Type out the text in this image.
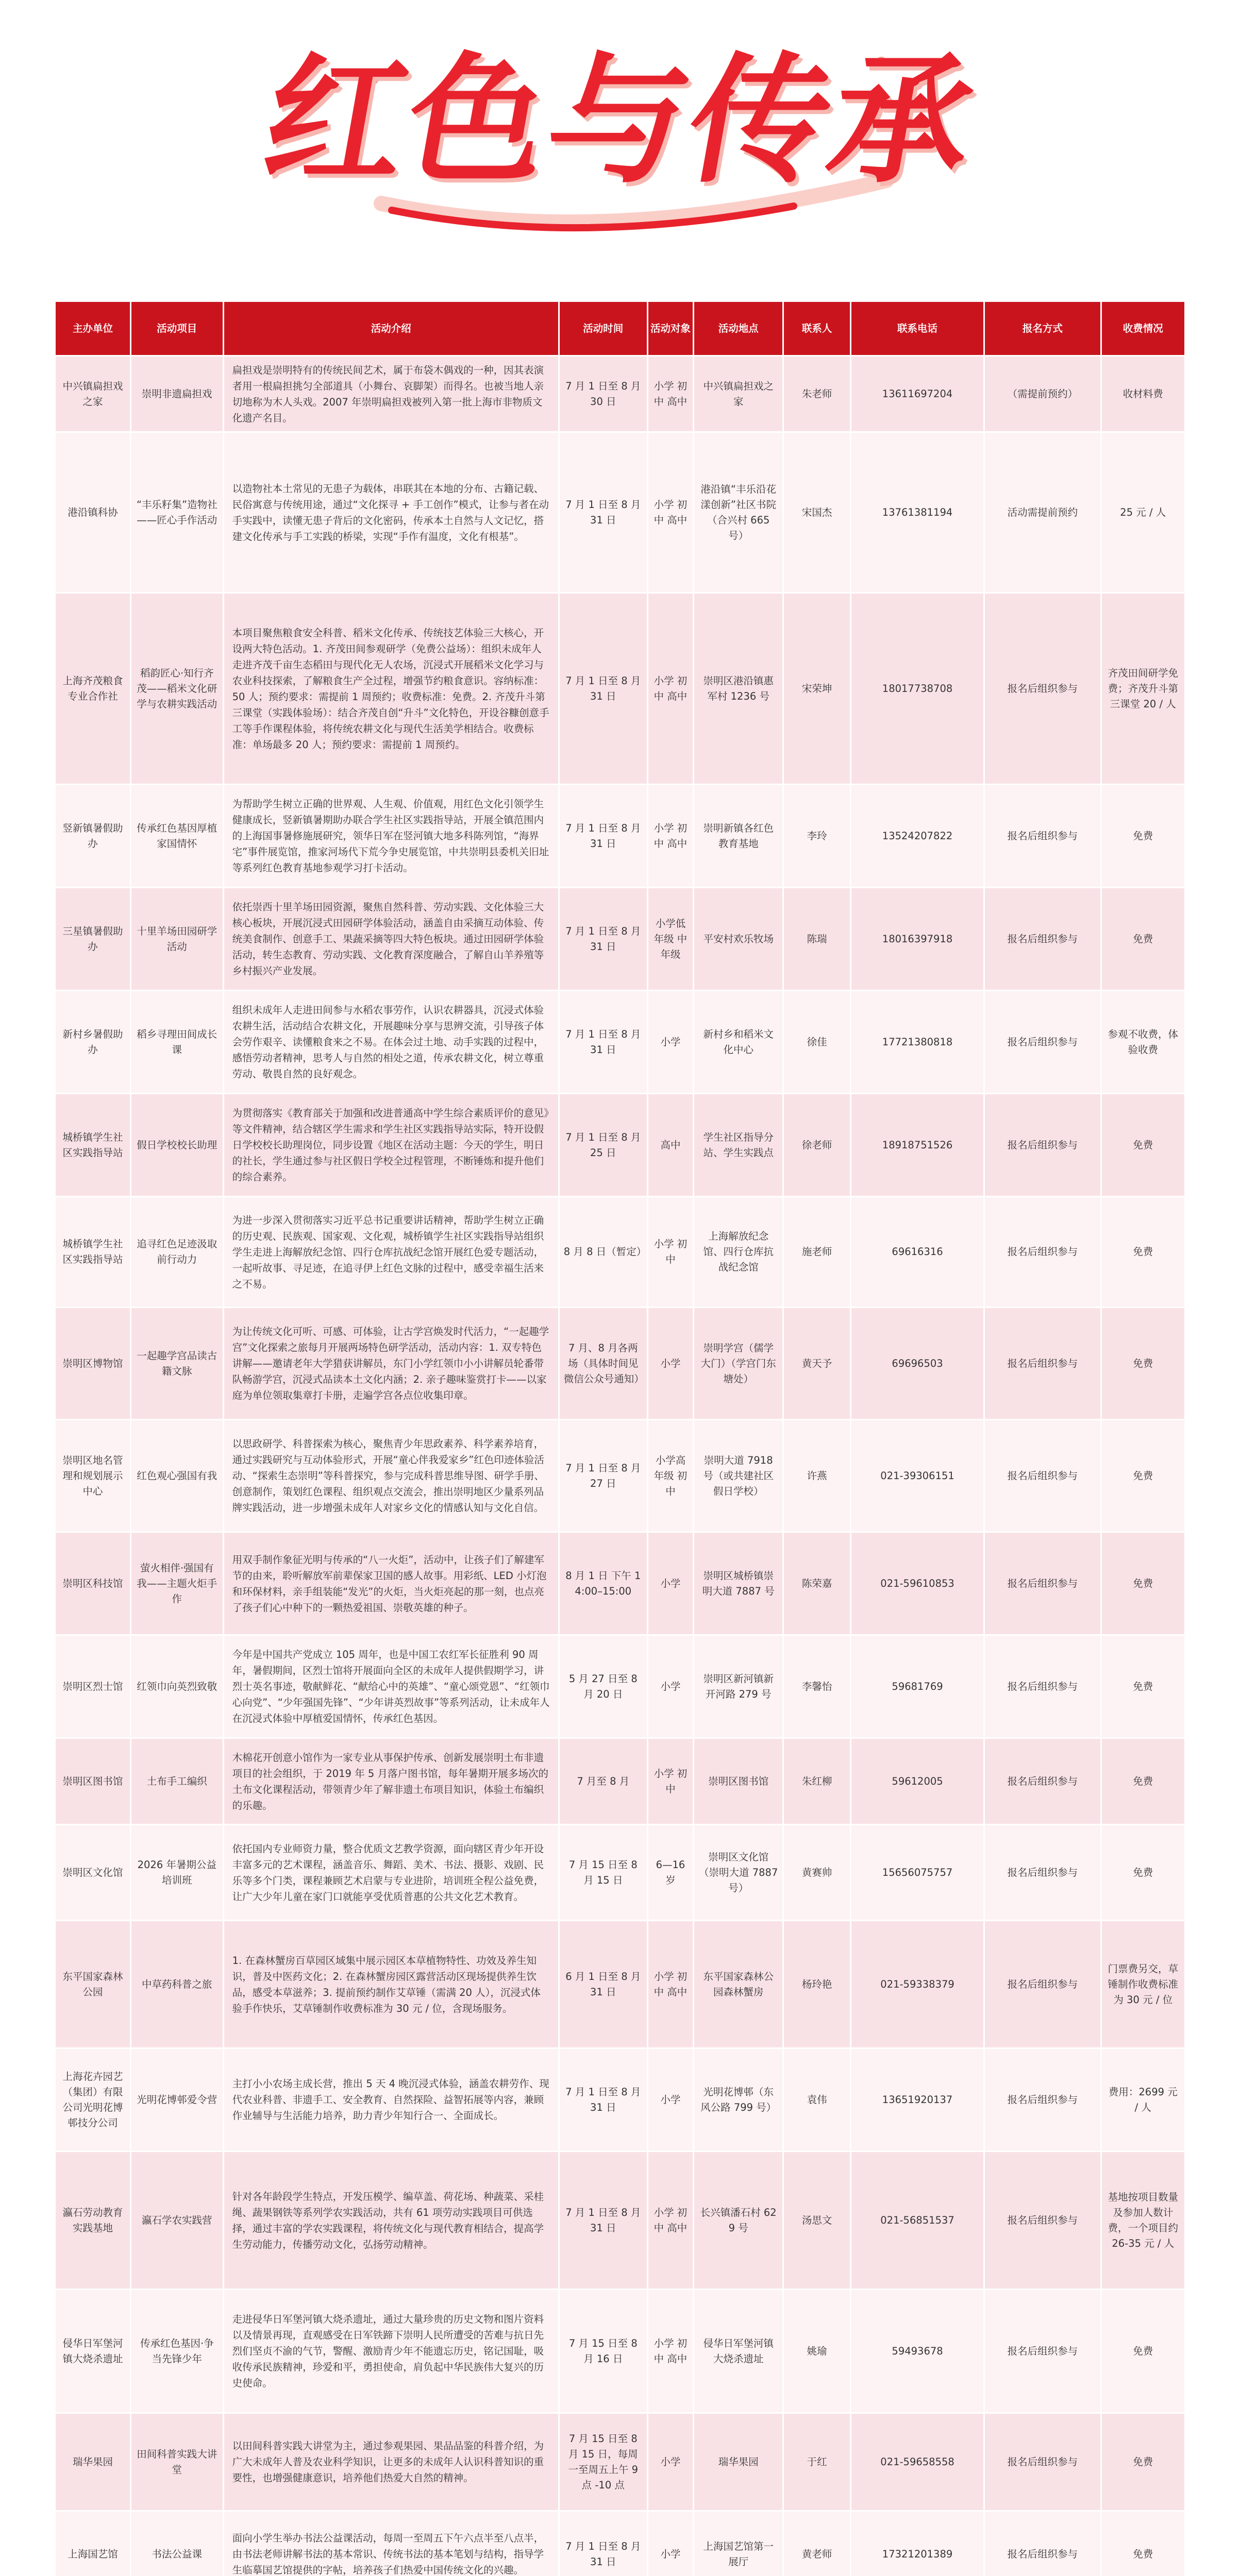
红色与传承
主办单位	活动项目	活动介绍	活动时间	活动对象	活动地点	联系人	联系电话	报名方式	收费情况
中兴镇扁担戏之家	崇明非遗扁担戏	扁担戏是崇明特有的传统民间艺术，属于布袋木偶戏的一种，因其表演者用一根扁担挑匀全部道具（小舞台、哀脚架）而得名。也被当地人亲切地称为木人头戏。2007 年崇明扁担戏被列入第一批上海市非物质文化遗产名目。	7 月 1 日至 8 月 30 日	小学 初中 高中	中兴镇扁担戏之家	朱老师	13611697204	（需提前预约）	收材料费
港沿镇科协	“丰乐籽集”造物社——匠心手作活动	以造物社本土常见的无患子为载体，串联其在本地的分布、古籍记载、民俗寓意与传统用途，通过“文化探寻 + 手工创作”模式，让参与者在动手实践中，读懂无患子背后的文化密码，传承本土自然与人文记忆，搭建文化传承与手工实践的桥梁，实现“手作有温度，文化有根基”。	7 月 1 日至 8 月 31 日	小学 初中 高中	港沿镇“丰乐沿花漾创新”社区书院（合兴村 665 号）	宋国杰	13761381194	活动需提前预约	25 元 / 人
上海齐茂粮食专业合作社	稻韵匠心·知行齐茂——稻米文化研学与农耕实践活动	本项目聚焦粮食安全科普、稻米文化传承、传统技艺体验三大核心，开设两大特色活动。1. 齐茂田间参观研学（免费公益场）：组织未成年人走进齐茂千亩生态稻田与现代化无人农场，沉浸式开展稻米文化学习与农业科技探索，了解粮食生产全过程，增强节约粮食意识。容纳标准：50 人；预约要求：需提前 1 周预约；收费标准：免费。2. 齐茂升斗第三课堂（实践体验场）：结合齐茂自创“升斗”文化特色，开设谷糠创意手工等手作课程体验，将传统农耕文化与现代生活美学相结合。收费标准：单场最多 20 人；预约要求：需提前 1 周预约。	7 月 1 日至 8 月 31 日	小学 初中 高中	崇明区港沿镇惠军村 1236 号	宋荣坤	18017738708	报名后组织参与	齐茂田间研学免费；齐茂升斗第三课堂 20 / 人
竖新镇暑假助办	传承红色基因厚植家国情怀	为帮助学生树立正确的世界观、人生观、价值观，用红色文化引领学生健康成长，竖新镇暑期助办联合学生社区实践指导站，开展全镇范围内的上海国事暑修施展研究，领华日军在竖河镇大地多科陈列馆，“海界宅”事件展览馆，推家河场代下荒今争史展览馆，中共崇明县委机关旧址等系列红色教育基地参观学习打卡活动。	7 月 1 日至 8 月 31 日	小学 初中 高中	崇明新镇各红色教育基地	李玲	13524207822	报名后组织参与	免费
三星镇暑假助办	十里羊场田园研学活动	依托崇西十里羊场田园资源，聚焦自然科普、劳动实践、文化体验三大核心板块，开展沉浸式田园研学体验活动，涵盖自由采摘互动体验、传统美食制作、创意手工、果蔬采摘等四大特色板块。通过田园研学体验活动，转生态教育、劳动实践、文化教育深度融合，了解自山羊养殖等乡村振兴产业发展。	7 月 1 日至 8 月 31 日	小学低年级 中年级	平安村欢乐牧场	陈瑞	18016397918	报名后组织参与	免费
新村乡暑假助办	稻乡寻理田间成长课	组织未成年人走进田间参与水稻农事劳作，认识农耕器具，沉浸式体验农耕生活，活动结合农耕文化，开展趣味分享与思辨交流，引导孩子体会劳作艰辛、读懂粮食来之不易。在体会过土地、动手实践的过程中，感悟劳动者精神，思考人与自然的相处之道，传承农耕文化，树立尊重劳动、敬畏自然的良好观念。	7 月 1 日至 8 月 31 日	小学	新村乡和稻米文化中心	徐佳	17721380818	报名后组织参与	参观不收费，体验收费
城桥镇学生社区实践指导站	假日学校校长助理	为贯彻落实《教育部关于加强和改进普通高中学生综合素质评价的意见》等文件精神，结合辖区学生需求和学生社区实践指导站实际，特开设假日学校校长助理岗位，同步设置《地区在活动主题：今天的学生，明日的社长，学生通过参与社区假日学校全过程管理，不断锤炼和提升他们的综合素养。	7 月 1 日至 8 月 25 日	高中	学生社区指导分站、学生实践点	徐老师	18918751526	报名后组织参与	免费
城桥镇学生社区实践指导站	追寻红色足迹汲取前行动力	为进一步深入贯彻落实习近平总书记重要讲话精神，帮助学生树立正确的历史观、民族观、国家观、文化观，城桥镇学生社区实践指导站组织学生走进上海解放纪念馆、四行仓库抗战纪念馆开展红色爱专题活动，一起听故事、寻足迹，在追寻伊上红色文脉的过程中，感受幸福生活来之不易。	8 月 8 日（暂定）	小学 初中	上海解放纪念馆、四行仓库抗战纪念馆	施老师	69616316	报名后组织参与	免费
崇明区博物馆	一起趣学宫品读古籍文脉	为让传统文化可听、可感、可体验，让古学宫焕发时代活力，“一起趣学宫”文化探索之旅每月开展两场特色研学活动，活动内容：1. 双专特色讲解——邀请老年大学猎获讲解员，东门小学红领巾小小讲解员轮番带队畅游学宫，沉浸式品读本土文化内涵；2. 亲子趣味鉴赏打卡——以家庭为单位领取集章打卡册，走遍学宫各点位收集印章。	7 月、8 月各两场（具体时间见微信公众号通知）	小学	崇明学宫（儒学大门）（学宫门东塘处）	黄天予	69696503	报名后组织参与	免费
崇明区地名管理和规划展示中心	红色观心强国有我	以思政研学、科普探索为核心，聚焦青少年思政素养、科学素养培育，通过实践研究与互动体验形式，开展“童心伴我爱家乡”红色印迹体验活动、“探索生态崇明”等科普探究，参与完成科普思维导图、研学手册、创意制作，策划红色课程、组织观点交流会，推出崇明地区少量系列品牌实践活动，进一步增强未成年人对家乡文化的情感认知与文化自信。	7 月 1 日至 8 月 27 日	小学高年级 初中	崇明大道 7918 号（或共建社区假日学校）	许燕	021-39306151	报名后组织参与	免费
崇明区科技馆	萤火相伴·强国有我——主题火炬手作	用双手制作象征光明与传承的“八一火炬”，活动中，让孩子们了解建军节的由来，聆听解放军前辈保家卫国的感人故事。用彩纸、LED 小灯泡和环保材料，亲手组装能“发光”的火炬，当火炬亮起的那一刻，也点亮了孩子们心中种下的一颗热爱祖国、崇敬英雄的种子。	8 月 1 日 下午 14:00–15:00	小学	崇明区城桥镇崇明大道 7887 号	陈荣嘉	021-59610853	报名后组织参与	免费
崇明区烈士馆	红领巾向英烈致敬	今年是中国共产党成立 105 周年，也是中国工农红军长征胜利 90 周年，暑假期间，区烈士馆将开展面向全区的未成年人提供假期学习，讲烈士英名事迹，敬献鲜花、“献给心中的英雄”、“童心颂党恩”、“红领巾心向党”、“少年强国先锋”、“少年讲英烈故事”等系列活动，让未成年人在沉浸式体验中厚植爱国情怀，传承红色基因。	5 月 27 日至 8 月 20 日	小学	崇明区新河镇新开河路 279 号	李馨怡	59681769	报名后组织参与	免费
崇明区图书馆	土布手工编织	木棉花开创意小馆作为一家专业从事保护传承、创新发展崇明土布非遗项目的社会组织，于 2019 年 5 月落户图书馆，每年暑期开展多场次的土布文化课程活动，带领青少年了解非遗土布项目知识，体验土布编织的乐趣。	7 月至 8 月	小学 初中	崇明区图书馆	朱红柳	59612005	报名后组织参与	免费
崇明区文化馆	2026 年暑期公益培训班	依托国内专业师资力量，整合优质文艺教学资源，面向辖区青少年开设丰富多元的艺术课程，涵盖音乐、舞蹈、美术、书法、摄影、戏剧、民乐等多个门类，课程兼顾艺术启蒙与专业进阶，培训班全程公益免费，让广大少年儿童在家门口就能享受优质普惠的公共文化艺术教育。	7 月 15 日至 8 月 15 日	6—16 岁	崇明区文化馆（崇明大道 7887 号）	黄赛帅	15656075757	报名后组织参与	免费
东平国家森林公园	中草药科普之旅	1. 在森林蟹房百草园区域集中展示园区本草植物特性、功效及养生知识，普及中医药文化；2. 在森林蟹房园区露营活动区现场提供养生饮品，感受本草滋养；3. 提前预约制作艾草锤（需满 20 人），沉浸式体验手作快乐，艾草锤制作收费标准为 30 元 / 位，含现场服务。	6 月 1 日至 8 月 31 日	小学 初中 高中	东平国家森林公园森林蟹房	杨玲艳	021-59338379	报名后组织参与	门票费另交，草锤制作收费标准为 30 元 / 位
上海花卉园艺（集团）有限公司光明花博邨技分公司	光明花博邨爱令营	主打小小农场主成长营，推出 5 天 4 晚沉浸式体验，涵盖农耕劳作、现代农业科普、非遗手工、安全教育、自然探险、益智拓展等内容，兼顾作业辅导与生活能力培养，助力青少年知行合一、全面成长。	7 月 1 日至 8 月 31 日	小学	光明花博邨（东风公路 799 号）	袁伟	13651920137	报名后组织参与	费用：2699 元 / 人
瀛石劳动教育实践基地	瀛石学农实践营	针对各年龄段学生特点，开发压模学、编草盖、荷花场、种蔬菜、采桂绳、蔬果钢铁等系列学农实践活动，共有 61 项劳动实践项目可供选择，通过丰富的学农实践课程，将传统文化与现代教育相结合，提高学生劳动能力，传播劳动文化，弘扬劳动精神。	7 月 1 日至 8 月 31 日	小学 初中 高中	长兴镇潘石村 629 号	汤思文	021-56851537	报名后组织参与	基地按项目数量及参加人数计费，一个项目约 26-35 元 / 人
侵华日军堡河镇大烧杀遗址	传承红色基因·争当先锋少年	走进侵华日军堡河镇大烧杀遗址，通过大量珍贵的历史文物和图片资料以及情景再现，直观感受在日军铁蹄下崇明人民所遭受的苦难与抗日先烈们坚贞不渝的气节，警醒、激励青少年不能遗忘历史，铭记国耻，吸收传承民族精神，珍爱和平，勇担使命，肩负起中华民族伟大复兴的历史使命。	7 月 15 日至 8 月 16 日	小学 初中 高中	侵华日军堡河镇大烧杀遗址	姚瑜	59493678	报名后组织参与	免费
瑞华果园	田间科普实践大讲堂	以田间科普实践大讲堂为主，通过参观果园、果品品鉴的科普介绍，为广大未成年人普及农业科学知识，让更多的未成年人认识科普知识的重要性，也增强健康意识，培养他们热爱大自然的精神。	7 月 15 日至 8 月 15 日，每周一至周五上午 9 点 -10 点	小学	瑞华果园	于红	021-59658558	报名后组织参与	免费
上海国艺馆	书法公益课	面向小学生举办书法公益课活动，每周一至周五下午六点半至八点半，由书法老师讲解书法的基本常识、传统书法的基本笔划与结构，指导学生临摹国艺馆提供的字帖，培养孩子们热爱中国传统文化的兴趣。	7 月 1 日至 8 月 31 日	小学	上海国艺馆第一展厅	黄老师	17321201389	报名后组织参与	免费
